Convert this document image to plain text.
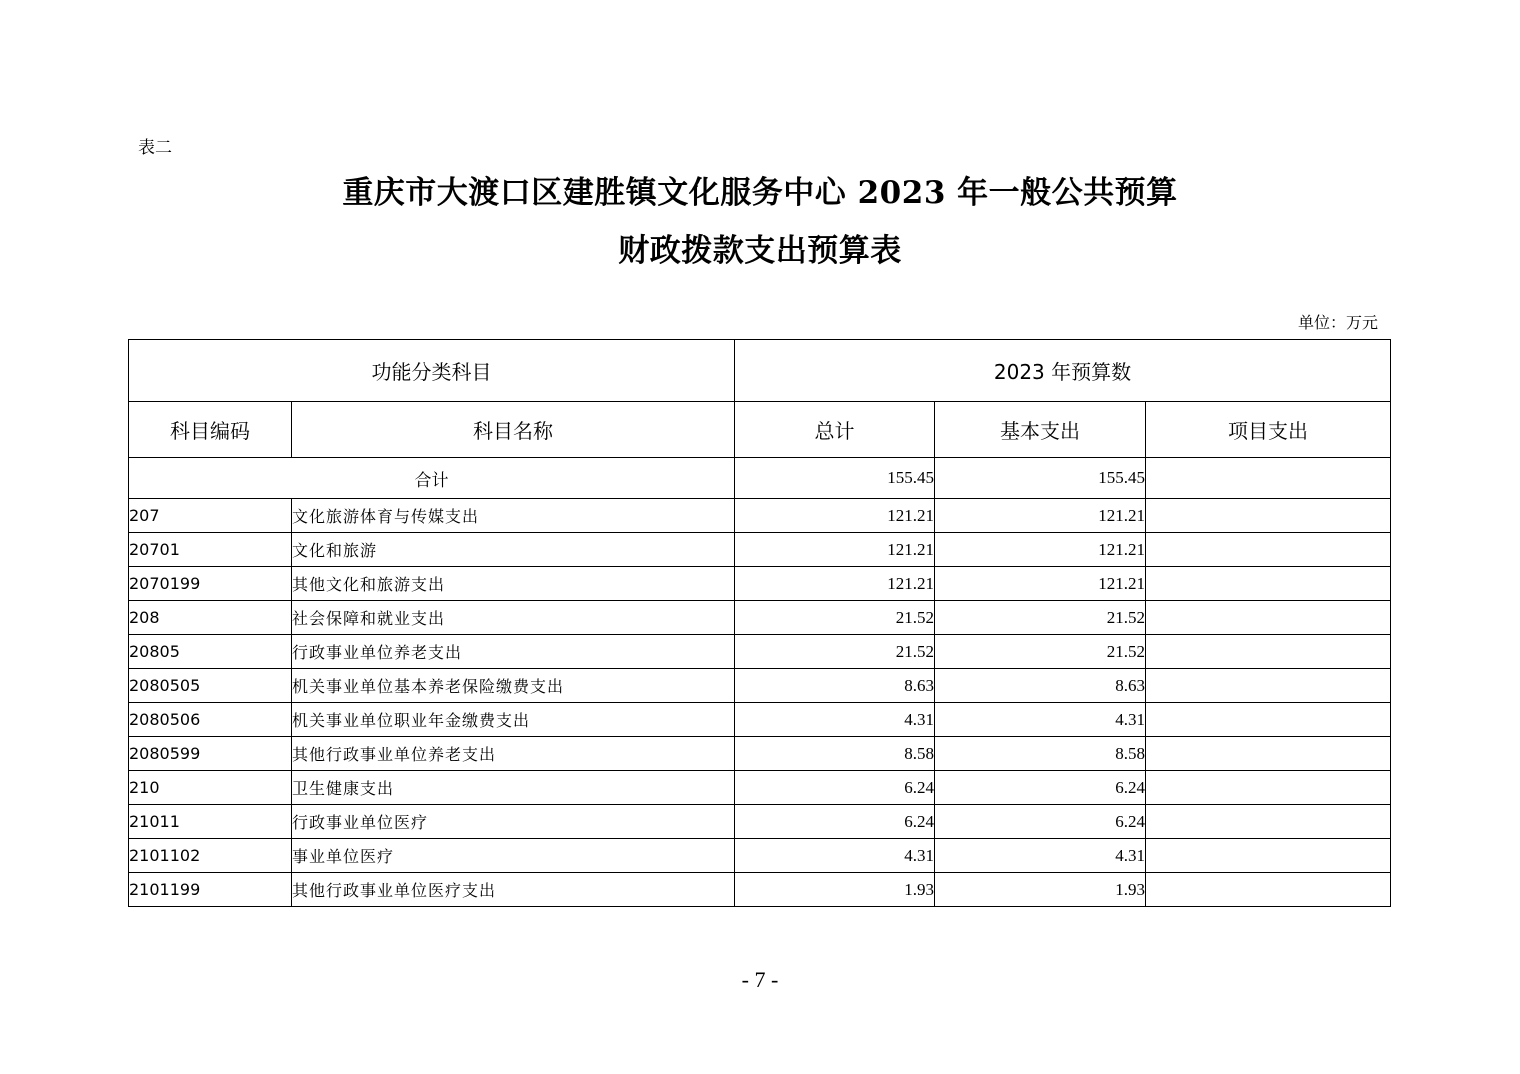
表二
重庆市大渡口区建胜镇文化服务中心 2023 年一般公共预算
财政拨款支出预算表
单位：万元
功能分类科目		2023 年预算数		
科目编码	科目名称	总计	基本支出	项目支出
合计		155.45	155.45	
207	文化旅游体育与传媒支出	121.21	121.21	
20701	文化和旅游	121.21	121.21	
2070199	其他文化和旅游支出	121.21	121.21	
208	社会保障和就业支出	21.52	21.52	
20805	行政事业单位养老支出	21.52	21.52	
2080505	机关事业单位基本养老保险缴费支出	8.63	8.63	
2080506	机关事业单位职业年金缴费支出	4.31	4.31	
2080599	其他行政事业单位养老支出	8.58	8.58	
210	卫生健康支出	6.24	6.24	
21011	行政事业单位医疗	6.24	6.24	
2101102	事业单位医疗	4.31	4.31	
2101199	其他行政事业单位医疗支出	1.93	1.93	
- 7 -
